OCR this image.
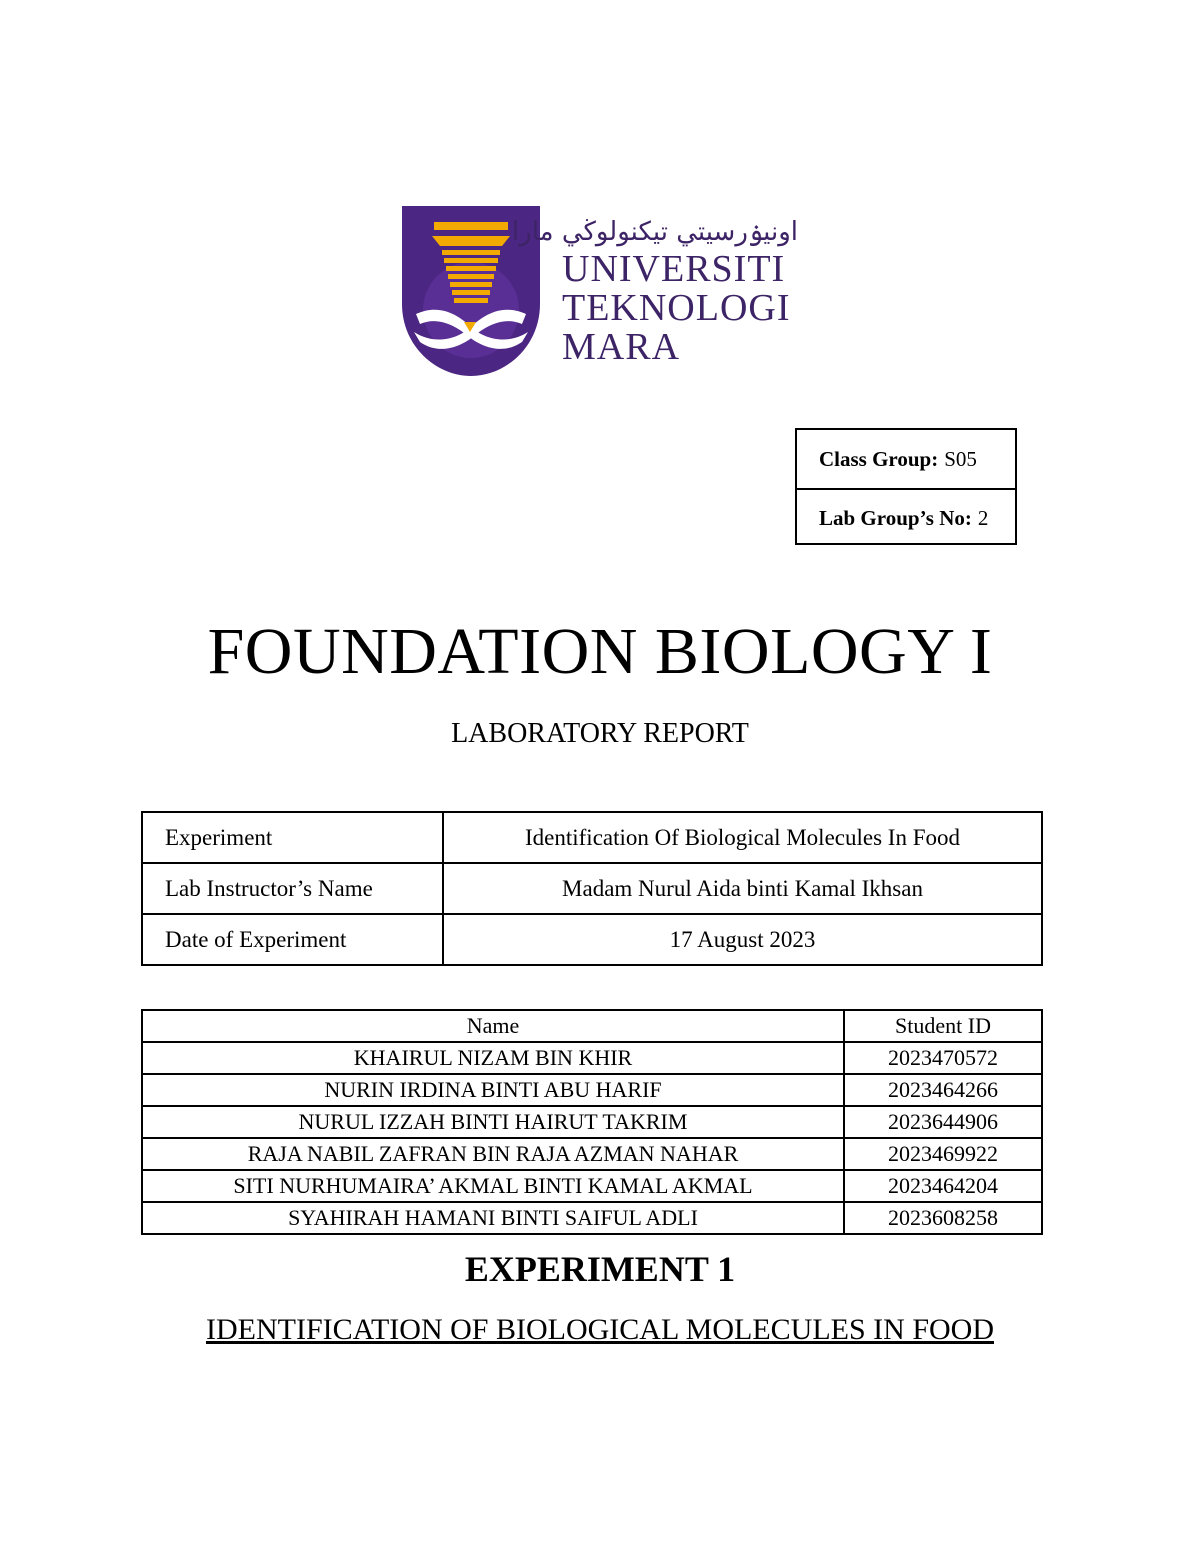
اونيۏرسيتي تيكنولوڬي مارا
UNIVERSITI
TEKNOLOGI
MARA
Class Group: S05
Lab Group’s No: 2
FOUNDATION BIOLOGY I
LABORATORY REPORT
Experiment	Identification Of Biological Molecules In Food
Lab Instructor’s Name	Madam Nurul Aida binti Kamal Ikhsan
Date of Experiment	17 August 2023
Name	Student ID
KHAIRUL NIZAM BIN KHIR	2023470572
NURIN IRDINA BINTI ABU HARIF	2023464266
NURUL IZZAH BINTI HAIRUT TAKRIM	2023644906
RAJA NABIL ZAFRAN BIN RAJA AZMAN NAHAR	2023469922
SITI NURHUMAIRA’ AKMAL BINTI KAMAL AKMAL	2023464204
SYAHIRAH HAMANI BINTI SAIFUL ADLI	2023608258
EXPERIMENT 1
IDENTIFICATION OF BIOLOGICAL MOLECULES IN FOOD
